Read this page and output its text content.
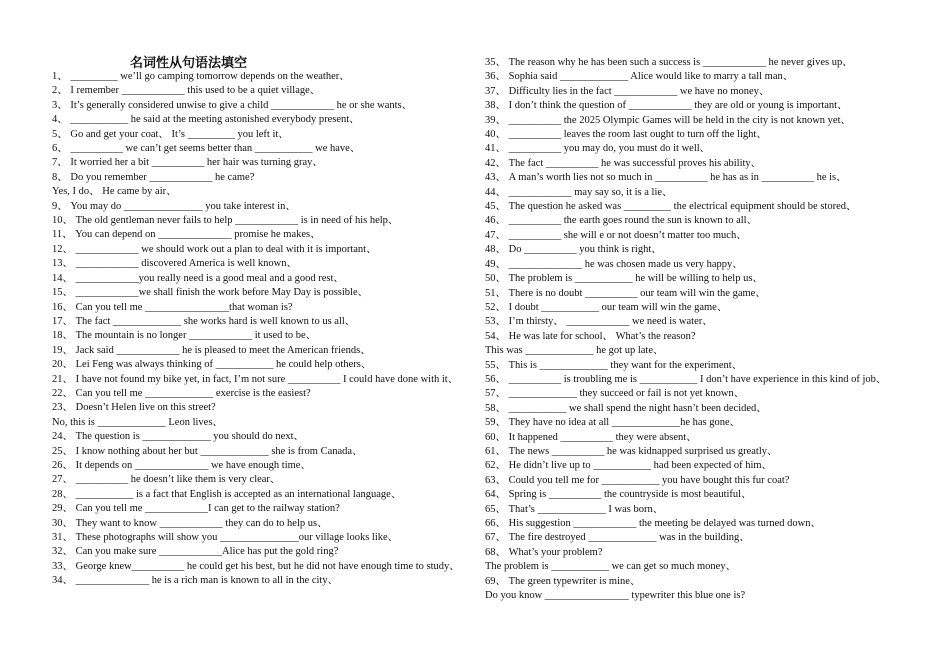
名词性从句语法填空
1、 _________ we’ll go camping tomorrow depends on the weather、
2、 I remember ____________ this used to be a quiet village、
3、 It’s generally considered unwise to give a child ____________ he or she wants、
4、 ___________ he said at the meeting astonished everybody present、
5、 Go and get your coat、 It’s _________ you left it、
6、 __________ we can’t get seems better than ___________ we have、
7、 It worried her a bit __________ her hair was turning gray、
8、 Do you remember ____________ he came?
Yes, I do、 He came by air、
9、 You may do _______________ you take interest in、
10、 The old gentleman never fails to help ____________ is in need of his help、
11、 You can depend on ______________ promise he makes、
12、 ____________ we should work out a plan to deal with it is important、
13、 ____________ discovered America is well known、
14、 ____________you really need is a good meal and a good rest、
15、 ____________we shall finish the work before May Day is possible、
16、 Can you tell me ________________that woman is?
17、 The fact _____________ she works hard is well known to us all、
18、 The mountain is no longer ____________ it used to be、
19、 Jack said ____________ he is pleased to meet the American friends、
20、 Lei Feng was always thinking of ___________ he could help others、
21、 I have not found my bike yet, in fact, I’m not sure __________ I could have done with it、
22、 Can you tell me _____________ exercise is the easiest?
23、 Doesn’t Helen live on this street?
No, this is _____________ Leon lives、
24、 The question is _____________ you should do next、
25、 I know nothing about her but _____________ she is from Canada、
26、 It depends on ______________ we have enough time、
27、 __________ he doesn’t like them is very clear、
28、 ___________ is a fact that English is accepted as an international language、
29、 Can you tell me ____________I can get to the railway station?
30、 They want to know ____________ they can do to help us、
31、 These photographs will show you _______________our village looks like、
32、 Can you make sure ____________Alice has put the gold ring?
33、 George knew__________ he could get his best, but he did not have enough time to study、
34、 ______________ he is a rich man is known to all in the city、
35、 The reason why he has been such a success is ____________ he never gives up、
36、 Sophia said _____________ Alice would like to marry a tall man、
37、 Difficulty lies in the fact ____________ we have no money、
38、 I don’t think the question of ____________ they are old or young is important、
39、 __________ the 2025 Olympic Games will be held in the city is not known yet、
40、 __________ leaves the room last ought to turn off the light、
41、 __________ you may do, you must do it well、
42、 The fact __________ he was successful proves his ability、
43、 A man’s worth lies not so much in __________ he has as in __________ he is、
44、 ____________ may say so, it is a lie、
45、 The question he asked was _________ the electrical equipment should be stored、
46、 __________ the earth goes round the sun is known to all、
47、 __________ she will e or not doesn’t matter too much、
48、 Do __________ you think is right、
49、 ______________ he was chosen made us very happy、
50、 The problem is ___________ he will be willing to help us、
51、 There is no doubt __________ our team will win the game、
52、 I doubt ___________ our team will win the game、
53、 I’m thirsty、 ____________ we need is water、
54、 He was late for school、 What’s the reason?
This was _____________ he got up late、
55、 This is _____________ they want for the experiment、
56、 __________ is troubling me is ___________ I don’t have experience in this kind of job、
57、 _____________ they succeed or fail is not yet known、
58、 ___________ we shall spend the night hasn’t been decided、
59、 They have no idea at all _____________he has gone、
60、 It happened __________ they were absent、
61、 The news __________ he was kidnapped surprised us greatly、
62、 He didn’t live up to ___________ had been expected of him、
63、 Could you tell me for ___________ you have bought this fur coat?
64、 Spring is __________ the countryside is most beautiful、
65、 That’s _____________ I was born、
66、 His suggestion ____________ the meeting be delayed was turned down、
67、 The fire destroyed _____________ was in the building、
68、 What’s your problem?
The problem is ___________ we can get so much money、
69、 The green typewriter is mine、
Do you know ________________ typewriter this blue one is?
